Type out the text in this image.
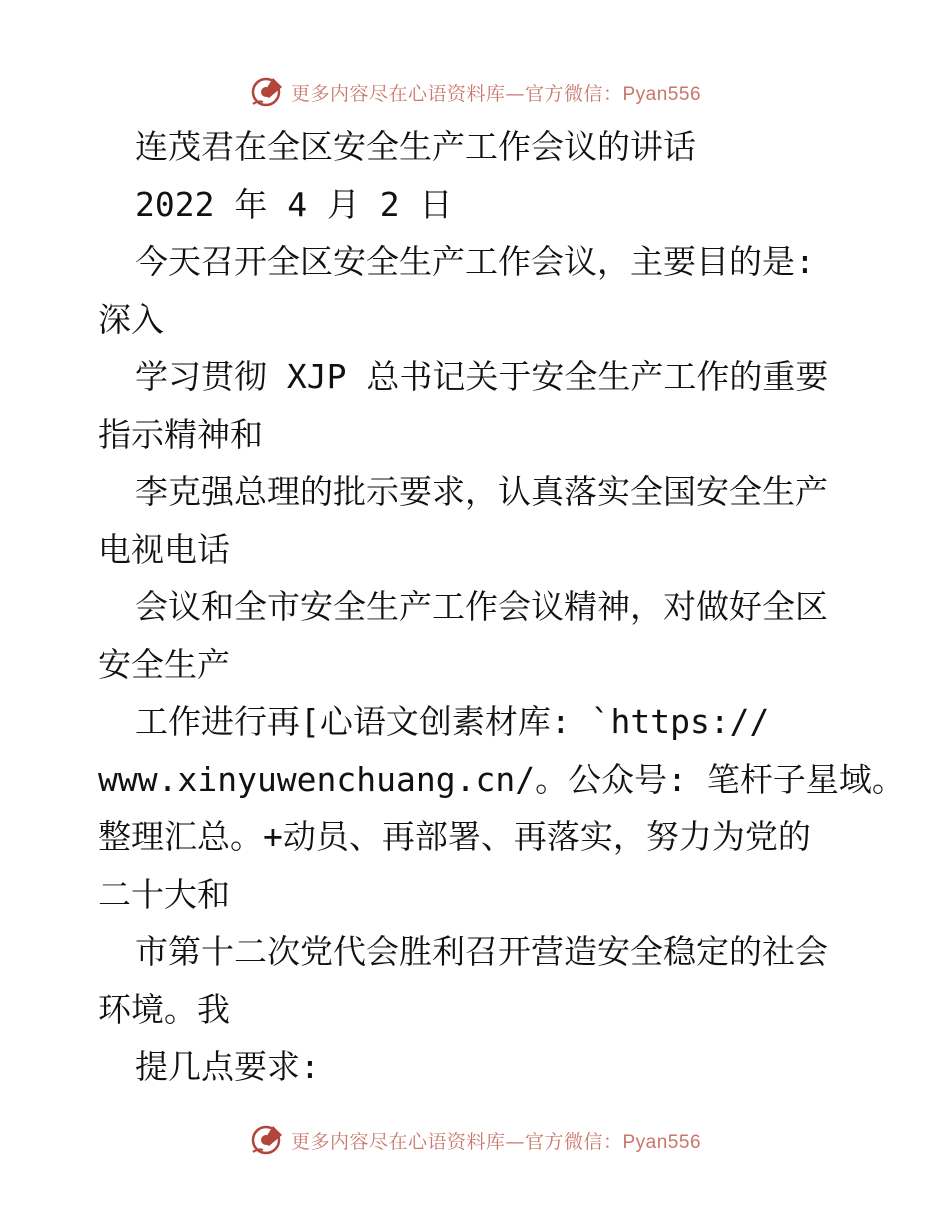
更多内容尽在心语资料库—官方微信：Pyan556
连茂君在全区安全生产工作会议的讲话
2022 年 4 月 2 日
今天召开全区安全生产工作会议，主要目的是:
深入
学习贯彻 XJP 总书记关于安全生产工作的重要
指示精神和
李克强总理的批示要求，认真落实全国安全生产
电视电话
会议和全市安全生产工作会议精神，对做好全区
安全生产
工作进行再[心语文创素材库: `https://
www.xinyuwenchuang.cn/。公众号: 笔杆子星域。
整理汇总。+动员、再部署、再落实，努力为党的
二十大和
市第十二次党代会胜利召开营造安全稳定的社会
环境。我
提几点要求:
更多内容尽在心语资料库—官方微信：Pyan556
